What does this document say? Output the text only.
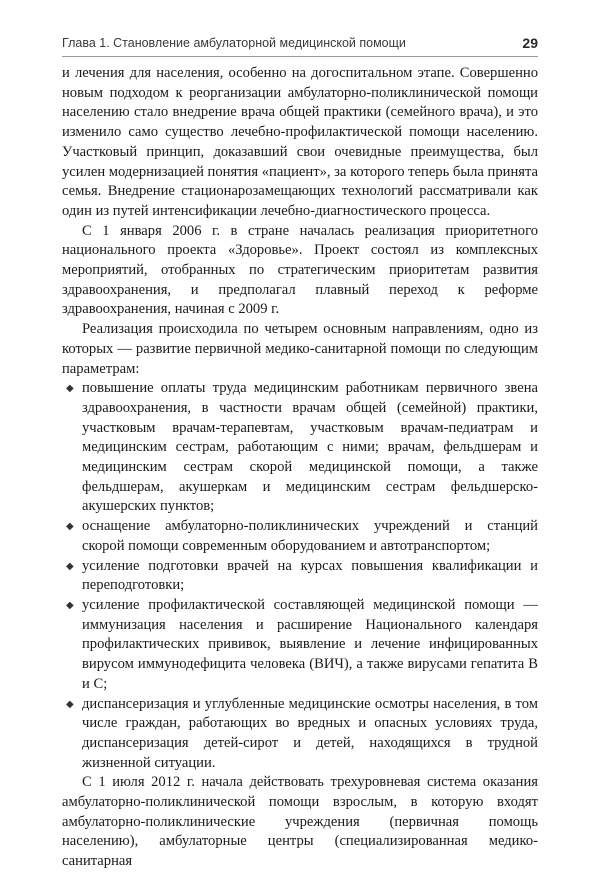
Глава 1. Становление амбулаторной медицинской помощи	29

и лечения для населения, особенно на догоспитальном этапе. Совершенно новым подходом к реорганизации амбулаторно-поликлинической помощи населению стало внедрение врача общей практики (семейного врача), и это изменило само существо лечебно-профилактической помощи населению. Участковый принцип, доказавший свои очевидные преимущества, был усилен модернизацией понятия «пациент», за которого теперь была принята семья. Внедрение стационарозамещающих технологий рассматривали как один из путей интенсификации лечебно-диагностического процесса.

С 1 января 2006 г. в стране началась реализация приоритетного национального проекта «Здоровье». Проект состоял из комплексных мероприятий, отобранных по стратегическим приоритетам развития здравоохранения, и предполагал плавный переход к реформе здравоохранения, начиная с 2009 г.

Реализация происходила по четырем основным направлениям, одно из которых — развитие первичной медико-санитарной помощи по следующим параметрам:

◆ повышение оплаты труда медицинским работникам первичного звена здравоохранения, в частности врачам общей (семейной) практики, участковым врачам-терапевтам, участковым врачам-педиатрам и медицинским сестрам, работающим с ними; врачам, фельдшерам и медицинским сестрам скорой медицинской помощи, а также фельдшерам, акушеркам и медицинским сестрам фельдшерско-акушерских пунктов;
◆ оснащение амбулаторно-поликлинических учреждений и станций скорой помощи современным оборудованием и автотранспортом;
◆ усиление подготовки врачей на курсах повышения квалификации и переподготовки;
◆ усиление профилактической составляющей медицинской помощи — иммунизация населения и расширение Национального календаря профилактических прививок, выявление и лечение инфицированных вирусом иммунодефицита человека (ВИЧ), а также вирусами гепатита В и С;
◆ диспансеризация и углубленные медицинские осмотры населения, в том числе граждан, работающих во вредных и опасных условиях труда, диспансеризация детей-сирот и детей, находящихся в трудной жизненной ситуации.

С 1 июля 2012 г. начала действовать трехуровневая система оказания амбулаторно-поликлинической помощи взрослым, в которую входят амбулаторно-поликлинические учреждения (первичная помощь населению), амбулаторные центры (специализированная медико-санитарная
